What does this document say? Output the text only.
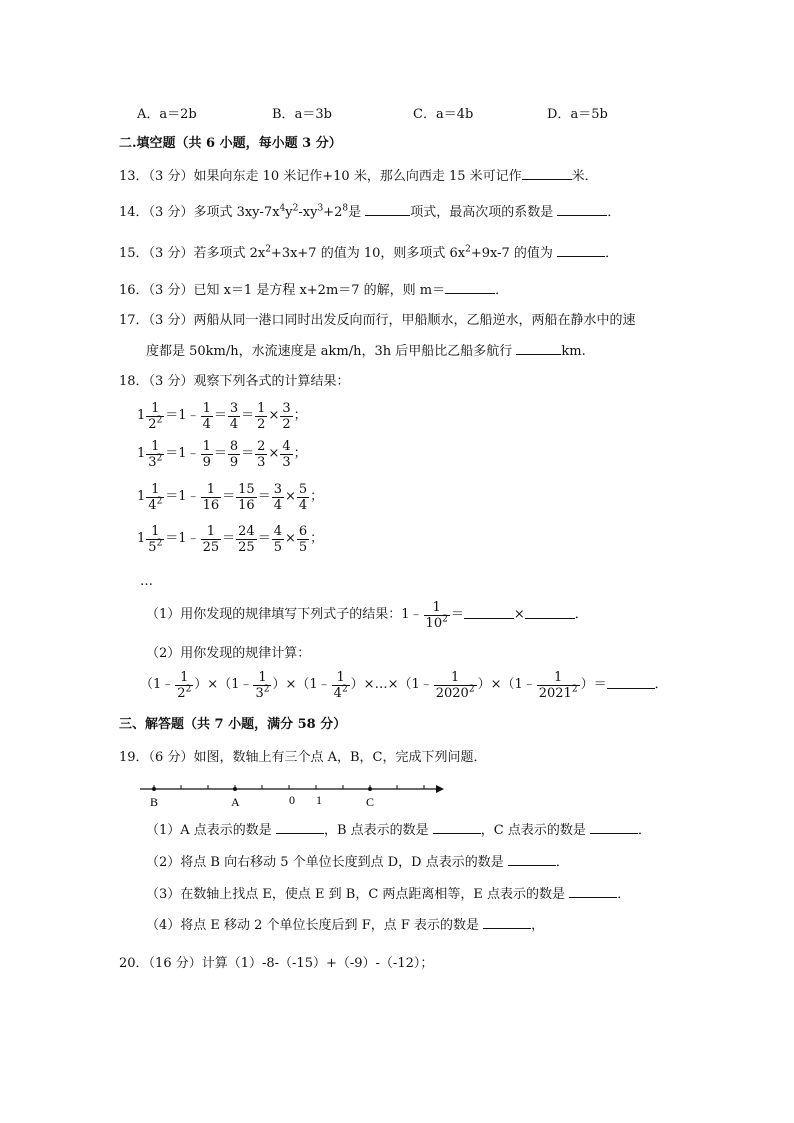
A．a＝2b	B．a＝3b	C．a＝4b	D．a＝5b
二.填空题（共 6 小题，每小题 3 分）
13．（3 分）如果向东走 10 米记作+10 米，那么向西走 15 米可记作	米．
14．（3 分）多项式 $3xy-7x^4y^2-xy^3+2^8$是	项式，最高次项的系数是	．
15．（3 分）若多项式 $2x^2+3x+7$ 的值为 10，则多项式 $6x^2+9x-7$ 的值为	．
16．（3 分）已知 x＝1 是方程 x+2m＝7 的解，则 m＝	．
17．（3 分）两船从同一港口同时出发反向而行，甲船顺水，乙船逆水，两船在静水中的速
度都是 50km/h，水流速度是 akm/h，3h 后甲船比乙船多航行	km.
18．（3 分）观察下列各式的计算结果：
$1 \frac{1}{2^2}$ ＝1﹣ $\frac{1}{4} = \frac{3}{4} = \frac{1}{2} \times \frac{3}{2}$ ；
$1 \frac{1}{3^2}$ ＝1﹣ $\frac{1}{9} = \frac{8}{9} = \frac{2}{3} \times \frac{4}{3}$ ；
$1 \frac{1}{4^2}$ ＝1﹣ $\frac{1}{16} = \frac{15}{16} = \frac{3}{4} \times \frac{5}{4}$ ；
$1 \frac{1}{5^2}$ ＝1﹣ $\frac{1}{25} = \frac{24}{25} = \frac{4}{5} \times \frac{6}{5}$ ；
…
（1）用你发现的规律填写下列式子的结果：1﹣ $\frac{1}{10^2}$ ＝	×	．
（2）用你发现的规律计算：
（1﹣ $\frac{1}{2^2}$ ）×（1﹣ $\frac{1}{3^2}$ ）×（1﹣ $\frac{1}{4^2}$ ）×…×（1﹣ $\frac{1}{2020^2}$ ）×（1﹣ $\frac{1}{2021^2}$ ）＝	．
三、解答题（共 7 小题，满分 58 分）
19．（6 分）如图，数轴上有三个点 A，B，C，完成下列问题．
B	A	0 1	C
（1）A 点表示的数是	，B 点表示的数是	，C 点表示的数是	．
（2）将点 B 向右移动 5 个单位长度到点 D，D 点表示的数是	．
（3）在数轴上找点 E，使点 E 到 B，C 两点距离相等，E 点表示的数是	．
（4）将点 E 移动 2 个单位长度后到 F，点 F 表示的数是	，
20．（16 分）计算（1）-8-（-15）+（-9）-（-12）；
